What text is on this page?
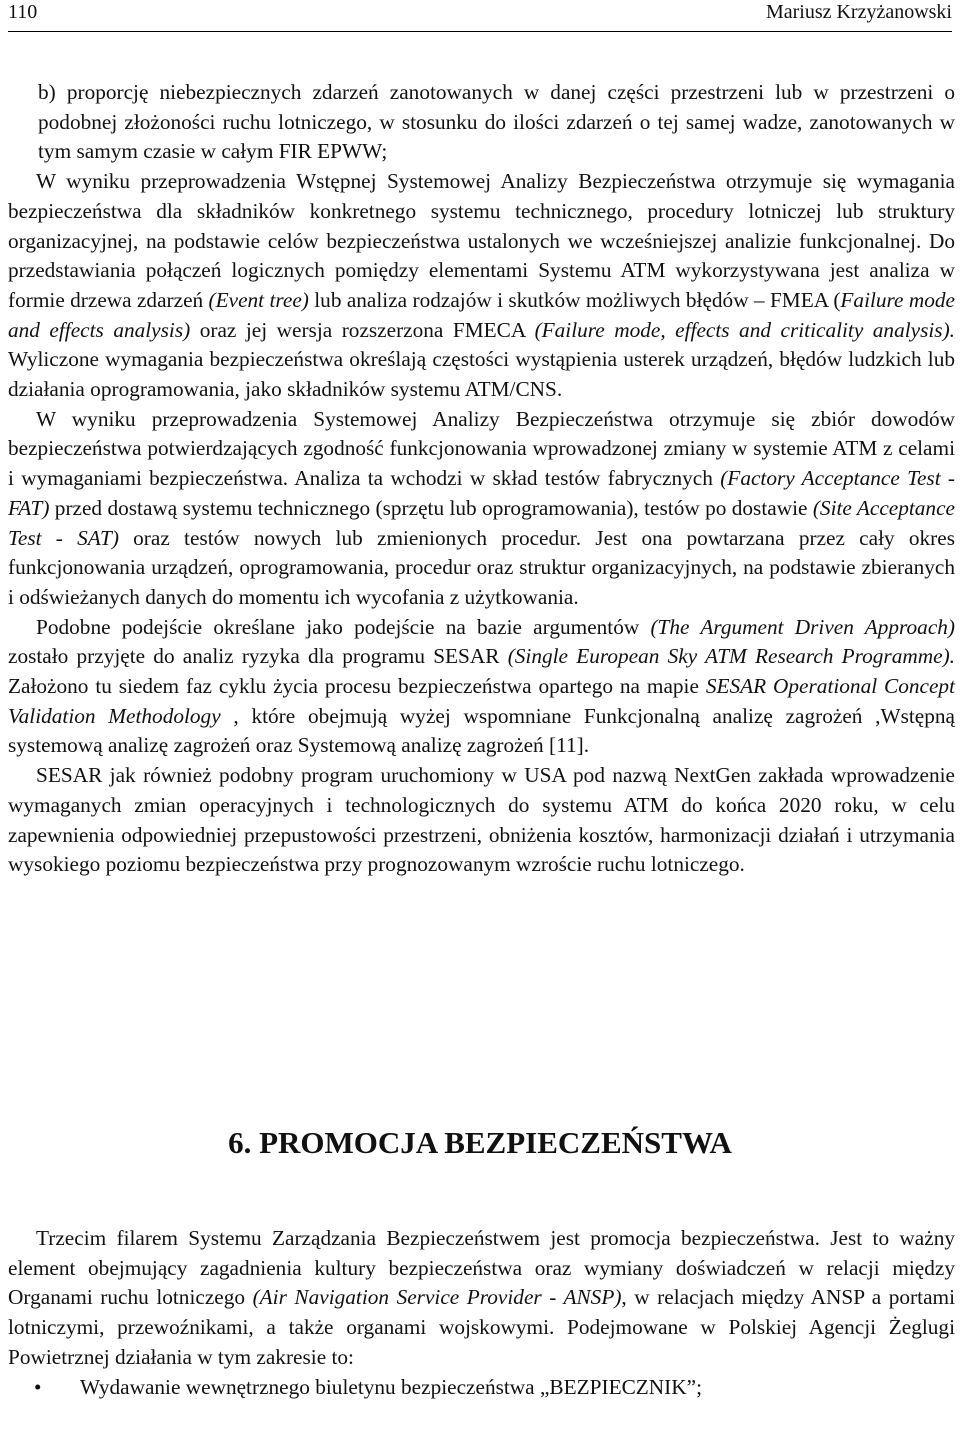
110	Mariusz Krzyżanowski

b) proporcję niebezpiecznych zdarzeń zanotowanych w danej części przestrzeni lub w przestrzeni o podobnej złożoności ruchu lotniczego, w stosunku do ilości zdarzeń o tej samej wadze, zanotowanych w tym samym czasie w całym FIR EPWW;

W wyniku przeprowadzenia Wstępnej Systemowej Analizy Bezpieczeństwa otrzymuje się wymagania bezpieczeństwa dla składników konkretnego systemu technicznego, procedury lotniczej lub struktury organizacyjnej, na podstawie celów bezpieczeństwa ustalonych we wcześniejszej analizie funkcjonalnej. Do przedstawiania połączeń logicznych pomiędzy elementami Systemu ATM wykorzystywana jest analiza w formie drzewa zdarzeń (Event tree) lub analiza rodzajów i skutków możliwych błędów – FMEA (Failure mode and effects analysis) oraz jej wersja rozszerzona FMECA (Failure mode, effects and criticality analysis). Wyliczone wymagania bezpieczeństwa określają częstości wystąpienia usterek urządzeń, błędów ludzkich lub działania oprogramowania, jako składników systemu ATM/CNS.

W wyniku przeprowadzenia Systemowej Analizy Bezpieczeństwa otrzymuje się zbiór dowodów bezpieczeństwa potwierdzających zgodność funkcjonowania wprowadzonej zmiany w systemie ATM z celami i wymaganiami bezpieczeństwa. Analiza ta wchodzi w skład testów fabrycznych (Factory Acceptance Test - FAT) przed dostawą systemu technicznego (sprzętu lub oprogramowania), testów po dostawie (Site Acceptance Test - SAT) oraz testów nowych lub zmienionych procedur. Jest ona powtarzana przez cały okres funkcjonowania urządzeń, oprogramowania, procedur oraz struktur organizacyjnych, na podstawie zbieranych i odświeżanych danych do momentu ich wycofania z użytkowania.

Podobne podejście określane jako podejście na bazie argumentów (The Argument Driven Approach) zostało przyjęte do analiz ryzyka dla programu SESAR (Single European Sky ATM Research Programme). Założono tu siedem faz cyklu życia procesu bezpieczeństwa opartego na mapie SESAR Operational Concept Validation Methodology , które obejmują wyżej wspomniane Funkcjonalną analizę zagrożeń ,Wstępną systemową analizę zagrożeń oraz Systemową analizę zagrożeń [11].

SESAR jak również podobny program uruchomiony w USA pod nazwą NextGen zakłada wprowadzenie wymaganych zmian operacyjnych i technologicznych do systemu ATM do końca 2020 roku, w celu zapewnienia odpowiedniej przepustowości przestrzeni, obniżenia kosztów, harmonizacji działań i utrzymania wysokiego poziomu bezpieczeństwa przy prognozowanym wzroście ruchu lotniczego.

6. PROMOCJA BEZPIECZEŃSTWA

Trzecim filarem Systemu Zarządzania Bezpieczeństwem jest promocja bezpieczeństwa. Jest to ważny element obejmujący zagadnienia kultury bezpieczeństwa oraz wymiany doświadczeń w relacji między Organami ruchu lotniczego (Air Navigation Service Provider - ANSP), w relacjach między ANSP a portami lotniczymi, przewoźnikami, a także organami wojskowymi. Podejmowane w Polskiej Agencji Żeglugi Powietrznej działania w tym zakresie to:

• Wydawanie wewnętrznego biuletynu bezpieczeństwa „BEZPIECZNIK”;
